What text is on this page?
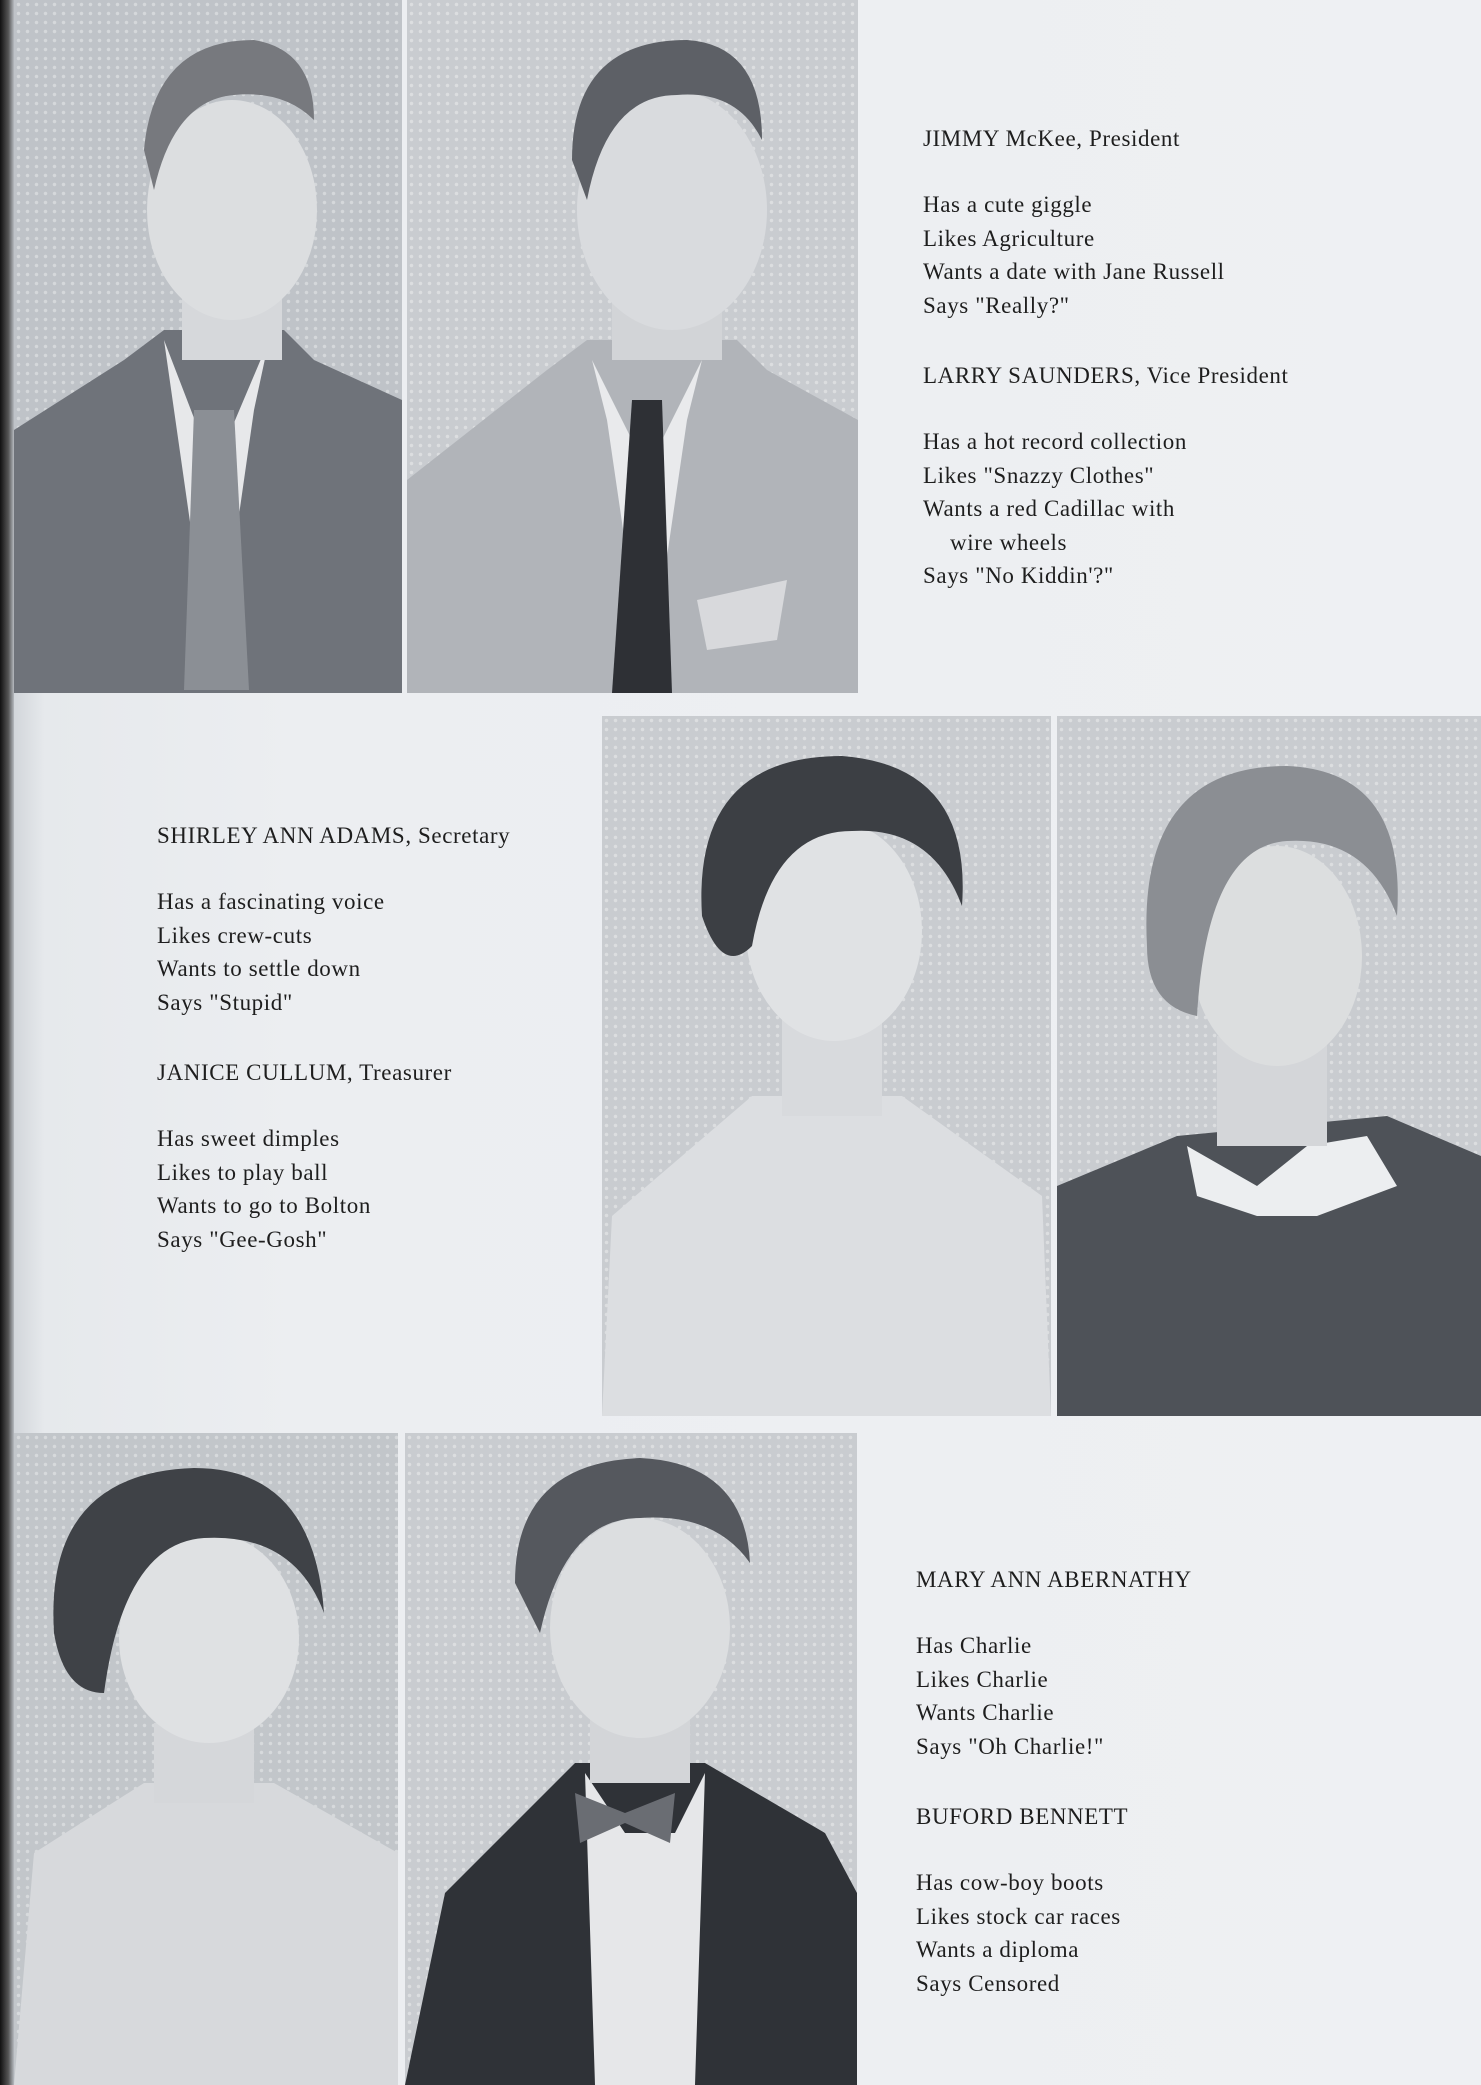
JIMMY McKee, President
Has a cute giggle
Likes Agriculture
Wants a date with Jane Russell
Says "Really?"
LARRY SAUNDERS, Vice President
Has a hot record collection
Likes "Snazzy Clothes"
Wants a red Cadillac with
wire wheels
Says "No Kiddin'?"
SHIRLEY ANN ADAMS, Secretary
Has a fascinating voice
Likes crew-cuts
Wants to settle down
Says "Stupid"
JANICE CULLUM, Treasurer
Has sweet dimples
Likes to play ball
Wants to go to Bolton
Says "Gee-Gosh"
MARY ANN ABERNATHY
Has Charlie
Likes Charlie
Wants Charlie
Says "Oh Charlie!"
BUFORD BENNETT
Has cow-boy boots
Likes stock car races
Wants a diploma
Says Censored
